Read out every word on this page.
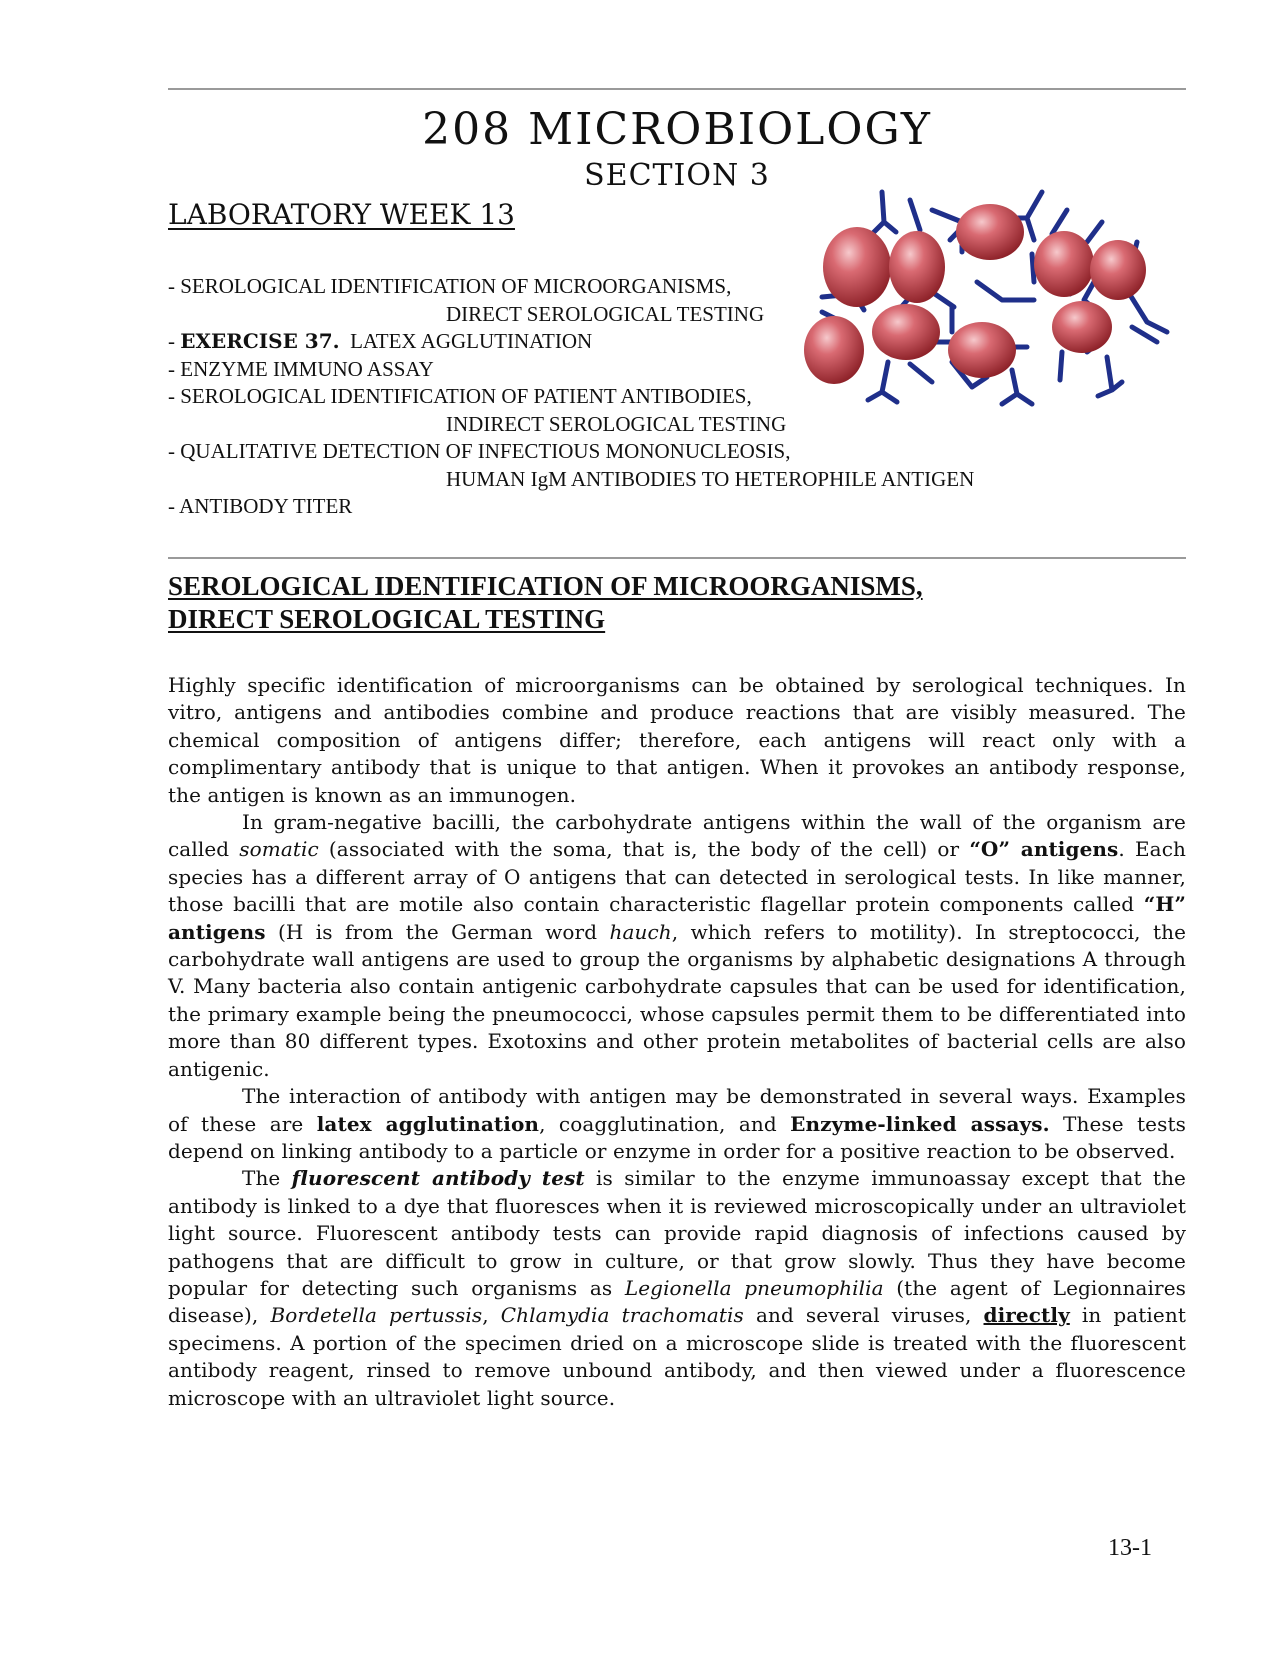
208 MICROBIOLOGY
SECTION 3
LABORATORY WEEK 13
- SEROLOGICAL IDENTIFICATION OF MICROORGANISMS,
DIRECT SEROLOGICAL TESTING
- EXERCISE 37.  LATEX AGGLUTINATION
- ENZYME IMMUNO ASSAY
- SEROLOGICAL IDENTIFICATION OF PATIENT ANTIBODIES,
INDIRECT SEROLOGICAL TESTING
- QUALITATIVE DETECTION OF INFECTIOUS MONONUCLEOSIS,
HUMAN IgM ANTIBODIES TO HETEROPHILE ANTIGEN
- ANTIBODY TITER
SEROLOGICAL IDENTIFICATION OF MICROORGANISMS,
DIRECT SEROLOGICAL TESTING

Highly specific identification of microorganisms can be obtained by serological techniques. In vitro, antigens and antibodies combine and produce reactions that are visibly measured. The chemical composition of antigens differ; therefore, each antigens will react only with a complimentary antibody that is unique to that antigen. When it provokes an antibody response, the antigen is known as an immunogen.

In gram-negative bacilli, the carbohydrate antigens within the wall of the organism are called somatic (associated with the soma, that is, the body of the cell) or “O” antigens. Each species has a different array of O antigens that can detected in serological tests. In like manner, those bacilli that are motile also contain characteristic flagellar protein components called “H” antigens (H is from the German word hauch, which refers to motility). In streptococci, the carbohydrate wall antigens are used to group the organisms by alphabetic designations A through V. Many bacteria also contain antigenic carbohydrate capsules that can be used for identification, the primary example being the pneumococci, whose capsules permit them to be differentiated into more than 80 different types. Exotoxins and other protein metabolites of bacterial cells are also antigenic.

The interaction of antibody with antigen may be demonstrated in several ways. Examples of these are latex agglutination, coagglutination, and Enzyme-linked assays. These tests depend on linking antibody to a particle or enzyme in order for a positive reaction to be observed.

The fluorescent antibody test is similar to the enzyme immunoassay except that the antibody is linked to a dye that fluoresces when it is reviewed microscopically under an ultraviolet light source. Fluorescent antibody tests can provide rapid diagnosis of infections caused by pathogens that are difficult to grow in culture, or that grow slowly. Thus they have become popular for detecting such organisms as Legionella pneumophilia (the agent of Legionnaires disease), Bordetella pertussis, Chlamydia trachomatis and several viruses, directly in patient specimens. A portion of the specimen dried on a microscope slide is treated with the fluorescent antibody reagent, rinsed to remove unbound antibody, and then viewed under a fluorescence microscope with an ultraviolet light source.

13-1
